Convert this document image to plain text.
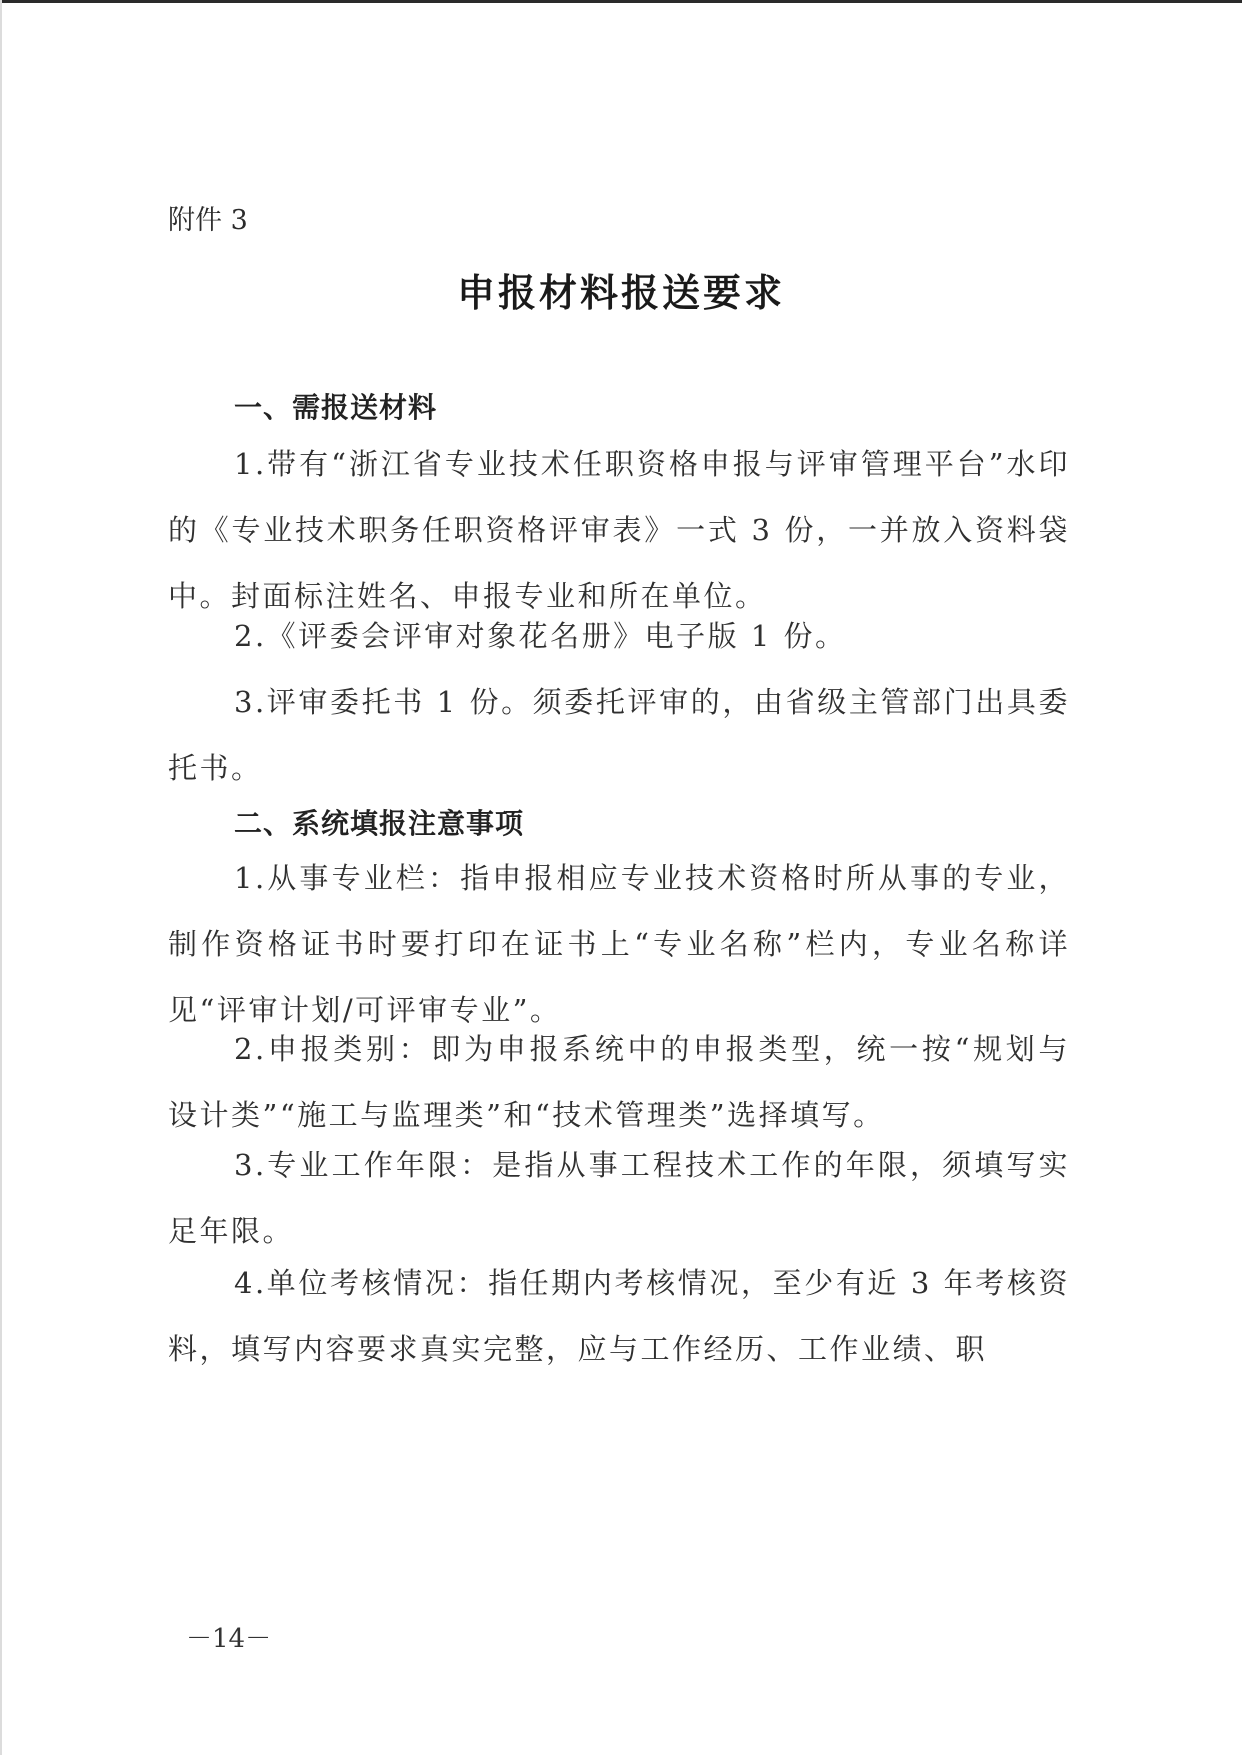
附件 3
申报材料报送要求
一、需报送材料
1.带有“浙江省专业技术任职资格申报与评审管理平台”水印的《专业技术职务任职资格评审表》一式 3 份，一并放入资料袋中。封面标注姓名、申报专业和所在单位。
2.《评委会评审对象花名册》电子版 1 份。
3.评审委托书 1 份。须委托评审的，由省级主管部门出具委托书。
二、系统填报注意事项
1.从事专业栏：指申报相应专业技术资格时所从事的专业，制作资格证书时要打印在证书上“专业名称”栏内，专业名称详见“评审计划/可评审专业”。
2.申报类别：即为申报系统中的申报类型，统一按“规划与设计类”“施工与监理类”和“技术管理类”选择填写。
3.专业工作年限：是指从事工程技术工作的年限，须填写实足年限。
4.单位考核情况：指任期内考核情况，至少有近 3 年考核资料，填写内容要求真实完整，应与工作经历、工作业绩、职
－14－
